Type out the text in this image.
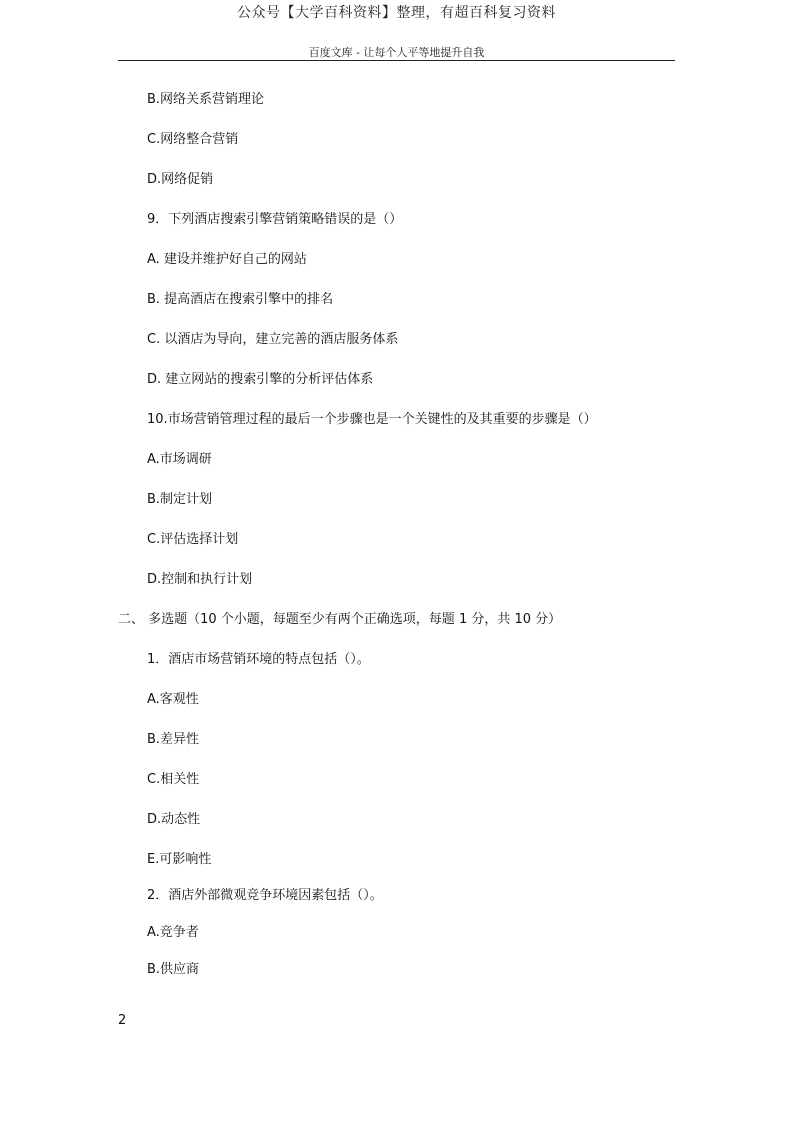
公众号【大学百科资料】整理，有超百科复习资料
百度文库 - 让每个人平等地提升自我
B.网络关系营销理论
C.网络整合营销
D.网络促销
9．下列酒店搜索引擎营销策略错误的是（）
A. 建设并维护好自己的网站
B. 提高酒店在搜索引擎中的排名
C. 以酒店为导向，建立完善的酒店服务体系
D. 建立网站的搜索引擎的分析评估体系
10.市场营销管理过程的最后一个步骤也是一个关键性的及其重要的步骤是（）
A.市场调研
B.制定计划
C.评估选择计划
D.控制和执行计划
二、 多选题（10 个小题，每题至少有两个正确选项，每题 1 分，共 10 分）
1．酒店市场营销环境的特点包括（）。
A.客观性
B.差异性
C.相关性
D.动态性
E.可影响性
2．酒店外部微观竞争环境因素包括（）。
A.竞争者
B.供应商
2
